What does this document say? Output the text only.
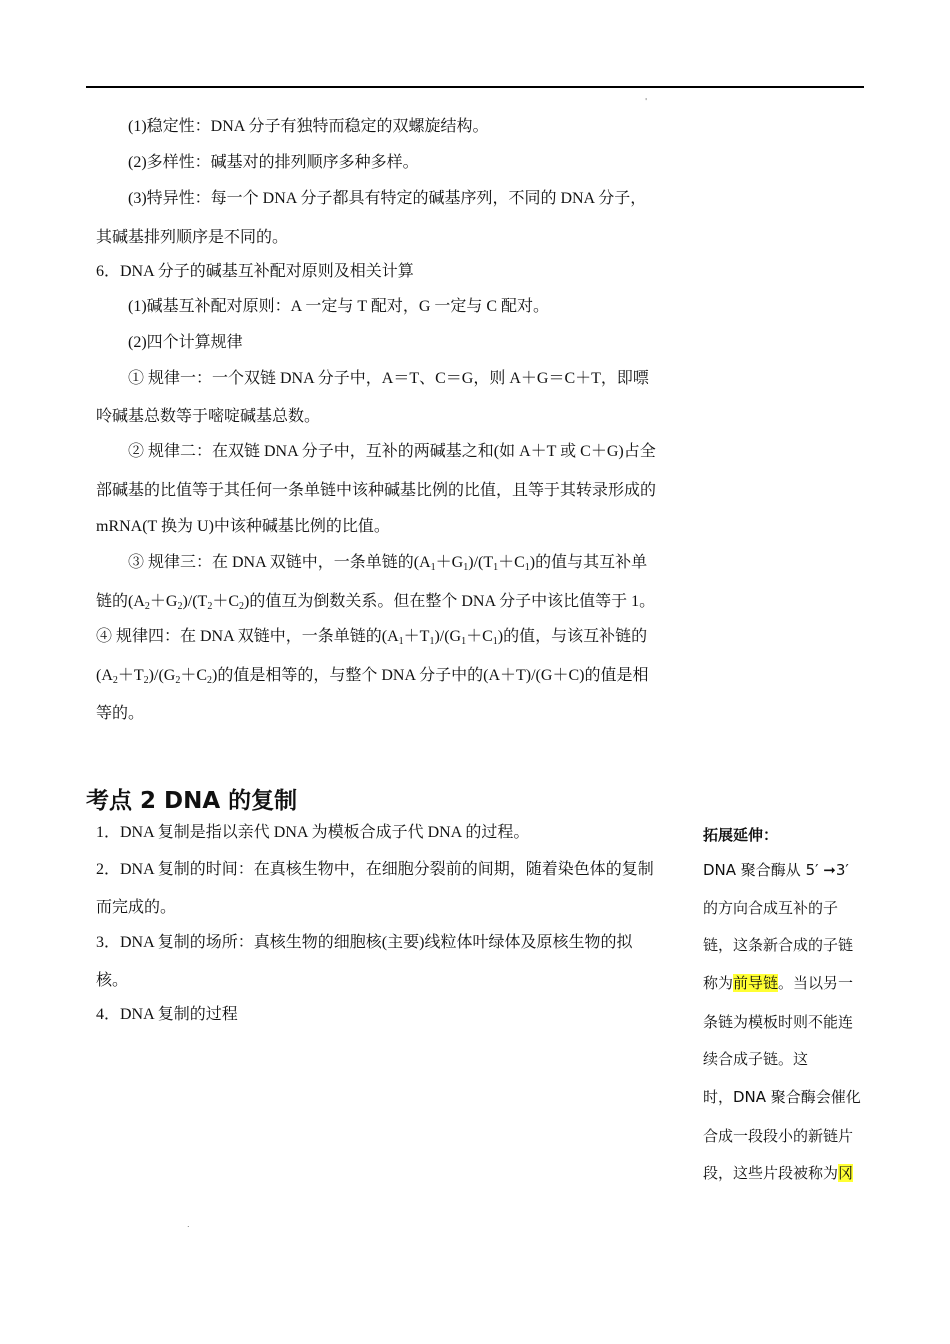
'
.
(1)稳定性：DNA 分子有独特而稳定的双螺旋结构。
(2)多样性：碱基对的排列顺序多种多样。
(3)特异性：每一个 DNA 分子都具有特定的碱基序列，不同的 DNA 分子，
其碱基排列顺序是不同的。
6．DNA 分子的碱基互补配对原则及相关计算
(1)碱基互补配对原则：A 一定与 T 配对，G 一定与 C 配对。
(2)四个计算规律
① 规律一：一个双链 DNA 分子中，A＝T、C＝G，则 A＋G＝C＋T，即嘌
呤碱基总数等于嘧啶碱基总数。
② 规律二：在双链 DNA 分子中，互补的两碱基之和(如 A＋T 或 C＋G)占全
部碱基的比值等于其任何一条单链中该种碱基比例的比值，且等于其转录形成的
mRNA(T 换为 U)中该种碱基比例的比值。
③ 规律三：在 DNA 双链中，一条单链的$(A_1+G_1)/(T_1+C_1)$的值与其互补单
链的$(A_2+G_2)/(T_2+C_2)$的值互为倒数关系。但在整个 DNA 分子中该比值等于 1。
④ 规律四：在 DNA 双链中，一条单链的$(A_1+T_1)/(G_1+C_1)$的值，与该互补链的
$(A_2+T_2)/(G_2+C_2)$的值是相等的，与整个 DNA 分子中的(A＋T)/(G＋C)的值是相
等的。
考点 2 DNA 的复制
1．DNA 复制是指以亲代 DNA 为模板合成子代 DNA 的过程。
2．DNA 复制的时间：在真核生物中，在细胞分裂前的间期，随着染色体的复制
而完成的。
3．DNA 复制的场所：真核生物的细胞核(主要)线粒体叶绿体及原核生物的拟
核。
4．DNA 复制的过程
拓展延伸：
DNA 聚合酶从 5′ ➞3′
的方向合成互补的子
链，这条新合成的子链
称为前导链。当以另一
条链为模板时则不能连
续合成子链。这
时，DNA 聚合酶会催化
合成一段段小的新链片
段，这些片段被称为冈
